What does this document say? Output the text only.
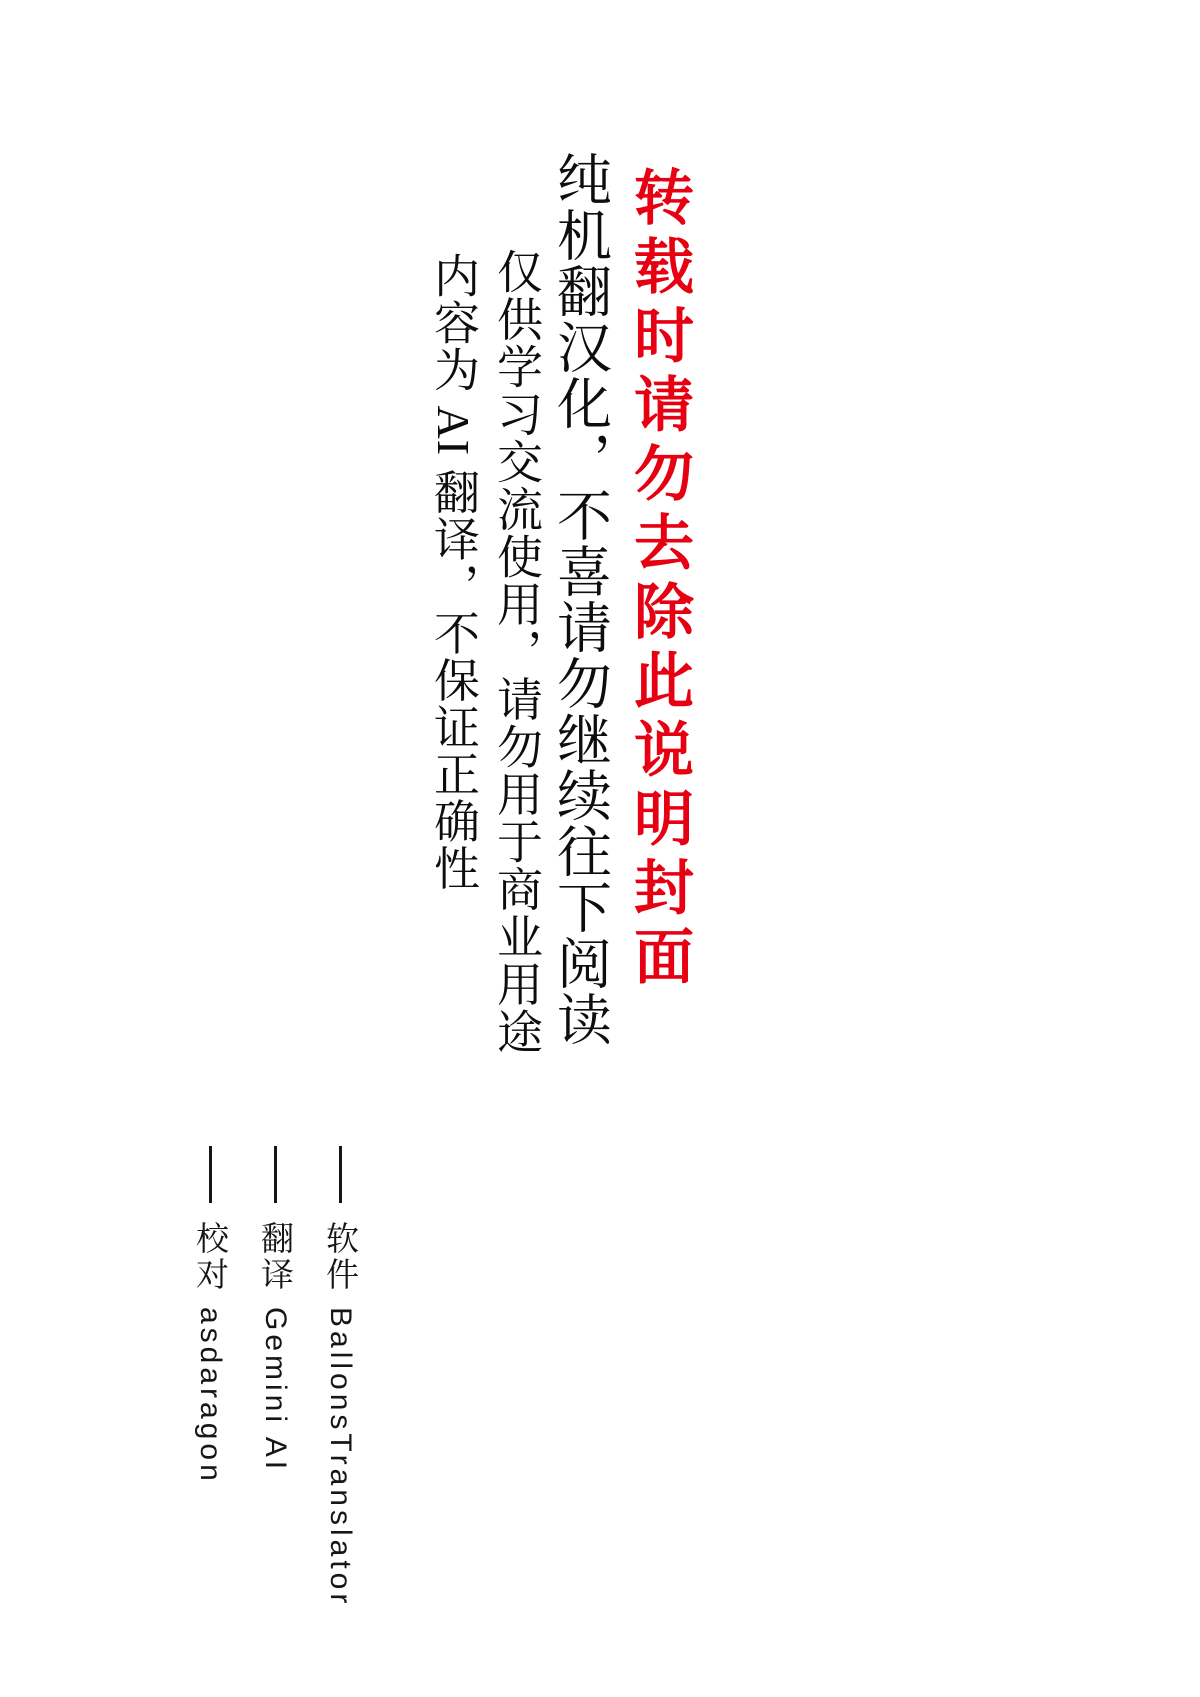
转载时请勿去除此说明封面
纯机翻汉化，不喜请勿继续往下阅读
仅供学习交流使用，请勿用于商业用途
内容为 AI 翻译，不保证正确性
软件BallonsTranslator
翻译Gemini AI
校对asdaragon
